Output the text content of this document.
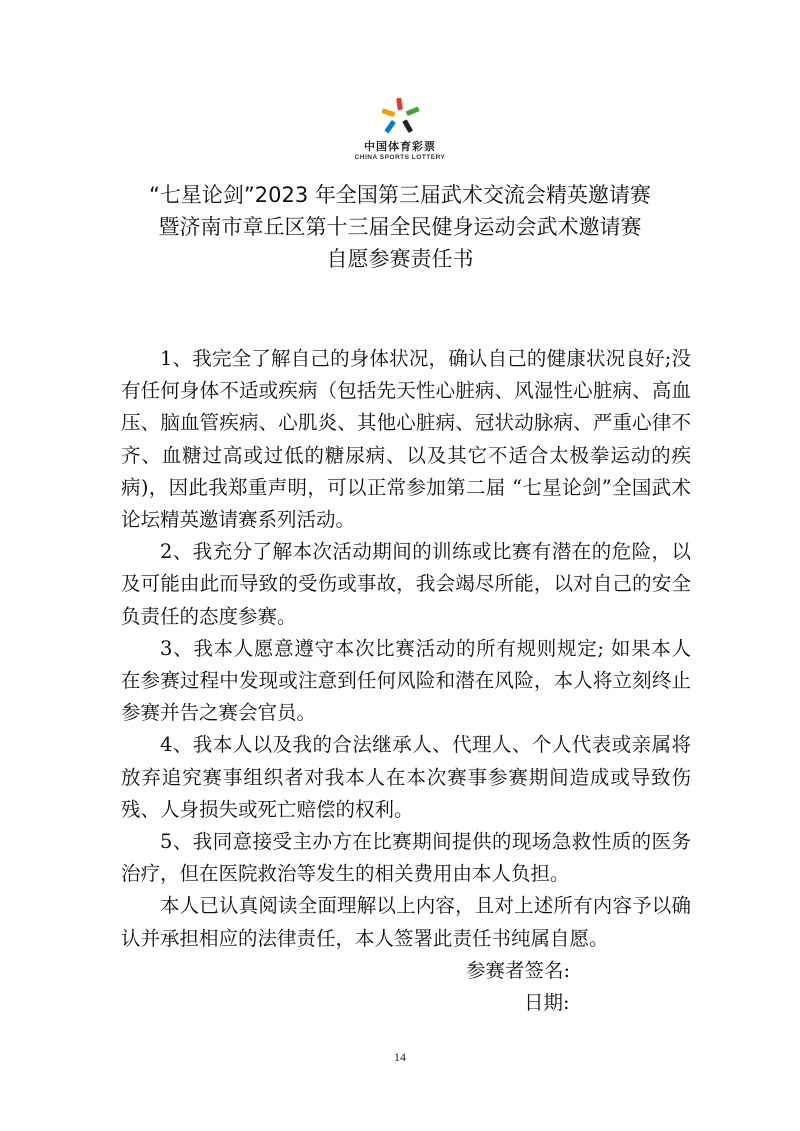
中国体育彩票
CHINA SPORTS LOTTERY
“七星论剑”2023 年全国第三届武术交流会精英邀请赛
暨济南市章丘区第十三届全民健身运动会武术邀请赛
自愿参赛责任书

1、我完全了解自己的身体状况，确认自己的健康状况良好;没有任何身体不适或疾病（包括先天性心脏病、风湿性心脏病、高血压、脑血管疾病、心肌炎、其他心脏病、冠状动脉病、严重心律不齐、血糖过高或过低的糖尿病、以及其它不适合太极拳运动的疾病)，因此我郑重声明，可以正常参加第二届 “七星论剑”全国武术论坛精英邀请赛系列活动。

2、我充分了解本次活动期间的训练或比赛有潜在的危险，以及可能由此而导致的受伤或事故，我会竭尽所能，以对自己的安全负责任的态度参赛。

3、我本人愿意遵守本次比赛活动的所有规则规定; 如果本人在参赛过程中发现或注意到任何风险和潜在风险，本人将立刻终止参赛并告之赛会官员。

4、我本人以及我的合法继承人、代理人、个人代表或亲属将放弃追究赛事组织者对我本人在本次赛事参赛期间造成或导致伤残、人身损失或死亡赔偿的权利。

5、我同意接受主办方在比赛期间提供的现场急救性质的医务治疗，但在医院救治等发生的相关费用由本人负担。

本人已认真阅读全面理解以上内容，且对上述所有内容予以确认并承担相应的法律责任，本人签署此责任书纯属自愿。

参赛者签名:
日期:
14
